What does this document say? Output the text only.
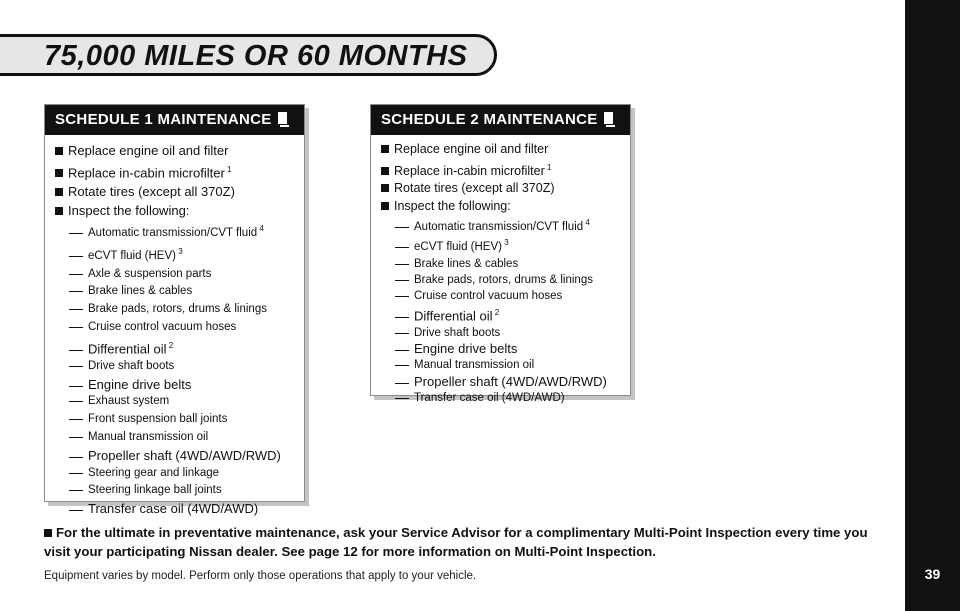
75,000 MILES OR 60 MONTHS
MAINTENANCE SCHEDULE
39
SCHEDULE 1 MAINTENANCE
Replace engine oil and filter
Replace in-cabin microfilter $^1$
Rotate tires (except all 370Z)
Inspect the following:
Automatic transmission/CVT fluid $^4$
eCVT fluid (HEV) $^3$
Axle & suspension parts
Brake lines & cables
Brake pads, rotors, drums & linings
Cruise control vacuum hoses
Differential oil $^2$
Drive shaft boots
Engine drive belts
Exhaust system
Front suspension ball joints
Manual transmission oil
Propeller shaft (4WD/AWD/RWD)
Steering gear and linkage
Steering linkage ball joints
Transfer case oil (4WD/AWD)
SCHEDULE 2 MAINTENANCE
Replace engine oil and filter
Replace in-cabin microfilter $^1$
Rotate tires (except all 370Z)
Inspect the following:
Automatic transmission/CVT fluid $^4$
eCVT fluid (HEV) $^3$
Brake lines & cables
Brake pads, rotors, drums & linings
Cruise control vacuum hoses
Differential oil $^2$
Drive shaft boots
Engine drive belts
Manual transmission oil
Propeller shaft (4WD/AWD/RWD)
Transfer case oil (4WD/AWD)
For the ultimate in preventative maintenance, ask your Service Advisor for a complimentary Multi-Point Inspection every time you visit your participating Nissan dealer. See page 12 for more information on Multi-Point Inspection.
Equipment varies by model. Perform only those operations that apply to your vehicle.
